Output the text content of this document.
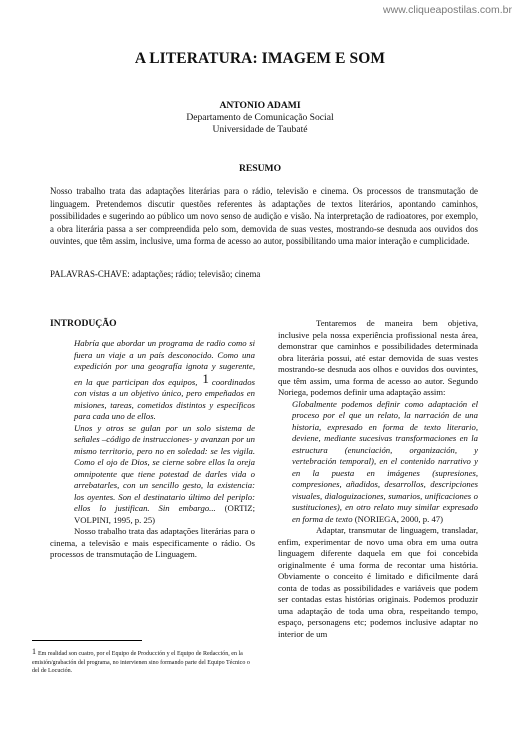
www.cliqueapostilas.com.br
A LITERATURA: IMAGEM E SOM
ANTONIO ADAMI
Departamento de Comunicação Social
Universidade de Taubaté
RESUMO

Nosso trabalho trata das adaptações literárias para o rádio, televisão e cinema. Os processos de transmutação de linguagem. Pretendemos discutir questões referentes às adaptações de textos literários, apontando caminhos, possibilidades e sugerindo ao público um novo senso de audição e visão. Na interpretação de radioatores, por exemplo, a obra literária passa a ser compreendida pelo som, demovida de suas vestes, mostrando-se desnuda aos ouvidos dos ouvintes, que têm assim, inclusive, uma forma de acesso ao autor, possibilitando uma maior interação e cumplicidade.

PALAVRAS-CHAVE: adaptações; rádio; televisão; cinema
INTRODUÇÃO

Habría que abordar un programa de radio como si fuera un viaje a un país desconocido. Como una expedición por una geografía ignota y sugerente, en la que participan dos equipos, 1 coordinados con vistas a un objetivo único, pero empeñados en misiones, tareas, cometidos distintos y específicos para cada uno de ellos.

Unos y otros se gulan por un solo sistema de señales –código de instrucciones- y avanzan por un mismo territorio, pero no en soledad: se les vigila. Como el ojo de Dios, se cierne sobre ellos la oreja omnipotente que tiene potestad de darles vida o arrebatarles, con un sencillo gesto, la existencia: los oyentes. Son el destinatario último del periplo: ellos lo justifican. Sin embargo... (ORTIZ; VOLPINI, 1995, p. 25)

Nosso trabalho trata das adaptações literárias para o cinema, a televisão e mais especificamente o rádio. Os processos de transmutação de Linguagem.

Tentaremos de maneira bem objetiva, inclusive pela nossa experiência profissional nesta área, demonstrar que caminhos e possibilidades determinada obra literária possui, até estar demovida de suas vestes mostrando-se desnuda aos olhos e ouvidos dos ouvintes, que têm assim, uma forma de acesso ao autor. Segundo Noriega, podemos definir uma adaptação assim:

Globalmente podemos definir como adaptación el proceso por el que un relato, la narración de una historia, expresado en forma de texto literario, deviene, mediante sucesivas transformaciones en la estructura (enunciación, organización, y vertebración temporal), en el contenido narrativo y en la puesta en imágenes (supresiones, compresiones, añadidos, desarrollos, descripciones visuales, dialoguizaciones, sumarios, unificaciones o sustituciones), en otro relato muy similar expresado en forma de texto (NORIEGA, 2000, p. 47)

Adaptar, transmutar de linguagem, transladar, enfim, experimentar de novo uma obra em uma outra linguagem diferente daquela em que foi concebida originalmente é uma forma de recontar uma história. Obviamente o conceito é limitado e dificilmente dará conta de todas as possibilidades e variáveis que podem ser contadas estas histórias originais. Podemos produzir uma adaptação de toda uma obra, respeitando tempo, espaço, personagens etc; podemos inclusive adaptar no interior de um

1 Em realidad son cuatro, por el Equipo de Producción y el Equipo de Redacción, en la emisión/grabación del programa, no intervienen sino formando parte del Equipo Técnico o del de Locución.
